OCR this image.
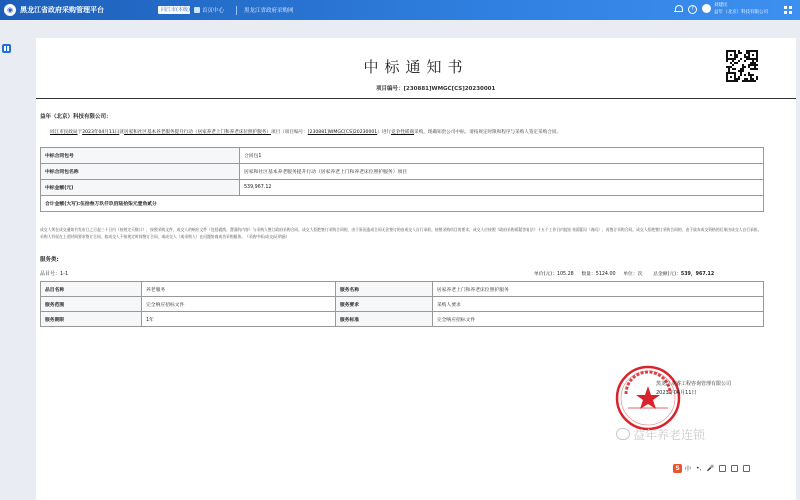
◉ 黑龙江省政府采购管理平台	同江市(本级)	首页中心	黑龙江省政府采购网	?
刘建民
益年（北京）科技有限公司
中标通知书
项目编号：[230881]WMGC[CS]20230001
益年（北京）科技有限公司：
同江市民政局于2023年04月11日就居家和社区基本养老服务提升行动（居家养老上门和养老床位照护服务）项目（项目编号：[230881]WMGC[CS]20230001）进行竞争性磋商采购。现确知贵公司中标，请按规定时限和程序与采购人签定采购合同。
中标合同包号	合同包1
中标合同包名称	居家和社区基本养老服务提升行动（居家养老上门和养老床位照护服务）项目
中标金额(元)	539,967.12
合计金额(大写):伍拾叁万玖仟玖佰陆拾柒元壹角贰分	
成交人须在成交通知书发布日之日起三十日内（按规定天数计），按照采购文件、成交人的响应文件（包括磋商、澄清的内容）与采购人签订政府采购合同。成交人拒绝签订采购合同的，由于原因造成合同无法签订的由成交人自行承担。按照采购项目的要求，成交人应按照《政府采购质疑答复法》十五个工作日内提出书面疑问（询问），再签订采购合同。成交人拒绝签订采购合同的，由于放弃成交资格的后果由成交人自行承担。采购人有权在上述时间要求签订合同，如成交人不按规定时间签订合同，或成交人（或采购人）在问题协商成功采购服务。（采购中标/成交/证明函）
服务类:
品目号：1-1	单价(元)：105.28 数量：5124.00 单位：次 总金额(元)：539，967.12
品目名称	养老服务	服务名称	居家养老上门和养老床位照护服务
服务范围	完全响应招标文件	服务要求	采购人要求
服务期限	1年	服务标准	完全响应招标文件
黑龙江卓睿工程咨询管理有限公司
2023年04月11日
益年养老连锁
S 中 •, 🎤
